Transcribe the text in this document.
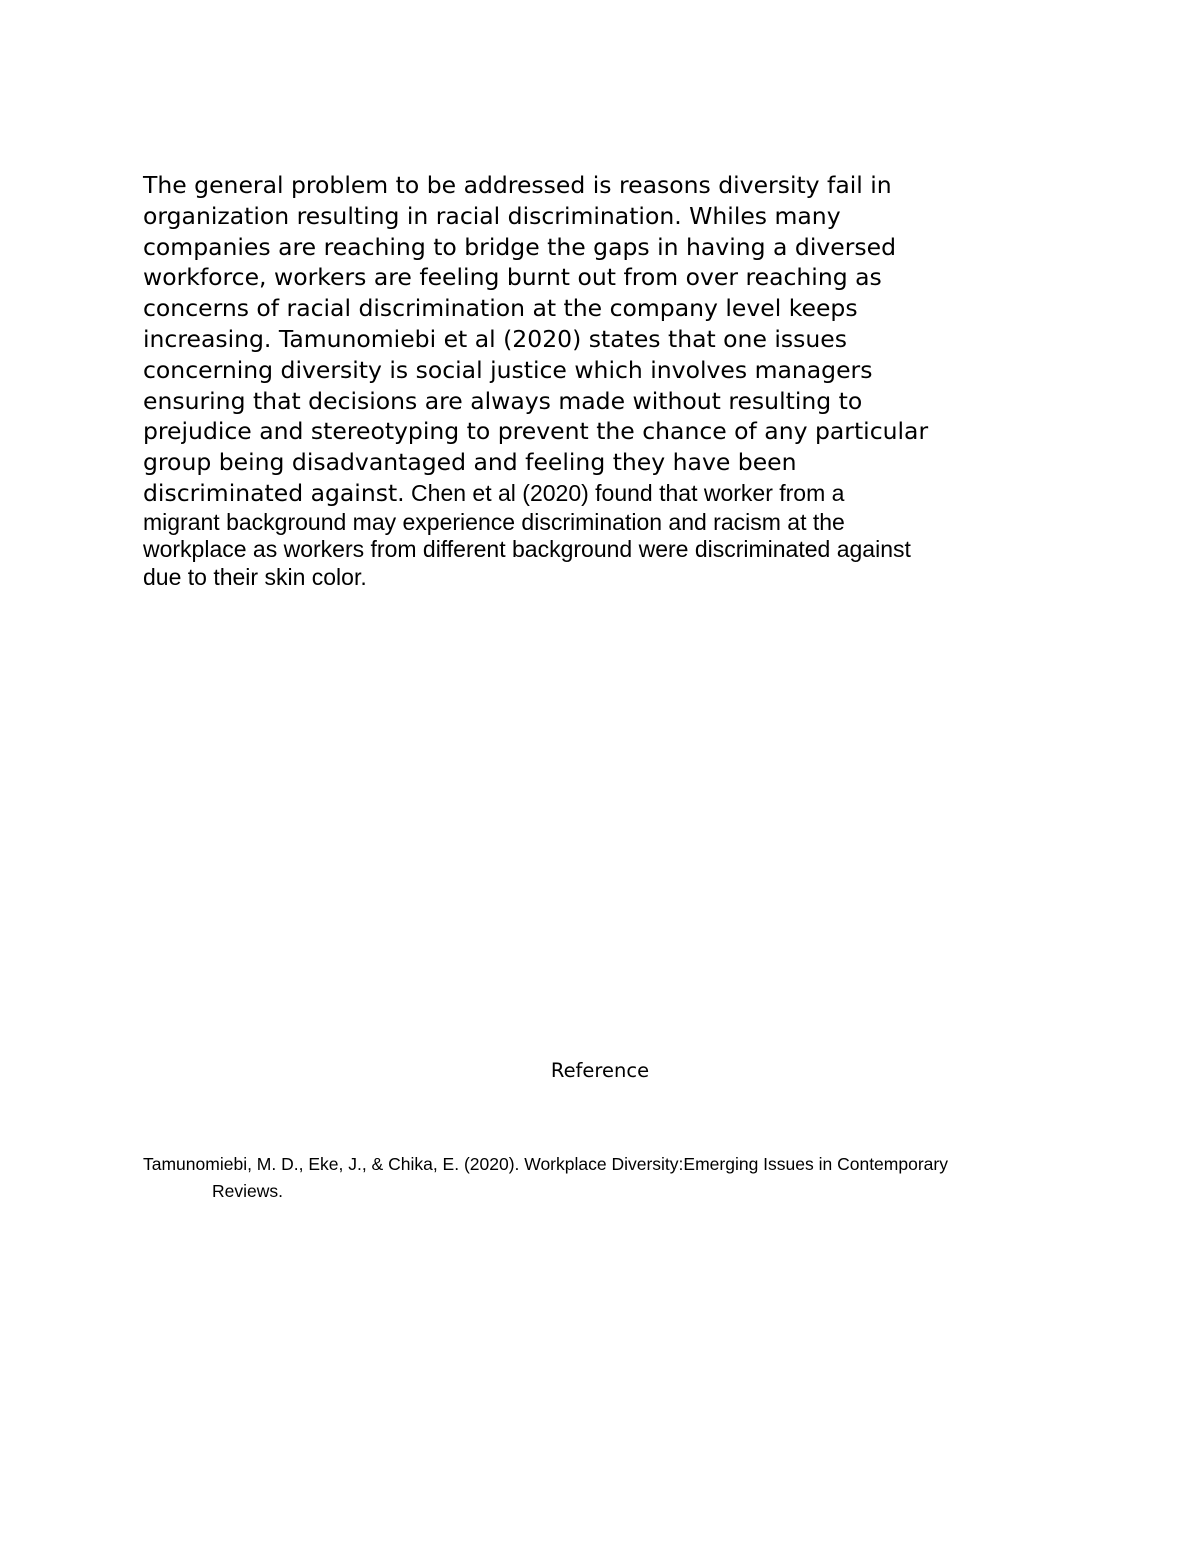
The general problem to be addressed is reasons diversity fail in
organization resulting in racial discrimination. Whiles many
companies are reaching to bridge the gaps in having a diversed
workforce, workers are feeling burnt out from over reaching as
concerns of racial discrimination at the company level keeps
increasing. Tamunomiebi et al (2020) states that one issues
concerning diversity is social justice which involves managers
ensuring that decisions are always made without resulting to
prejudice and stereotyping to prevent the chance of any particular
group being disadvantaged and feeling they have been
discriminated against. Chen et al (2020) found that worker from a
migrant background may experience discrimination and racism at the
workplace as workers from different background were discriminated against
due to their skin color.

Reference

Tamunomiebi, M. D., Eke, J., & Chika, E. (2020). Workplace Diversity:Emerging Issues in Contemporary
Reviews.
